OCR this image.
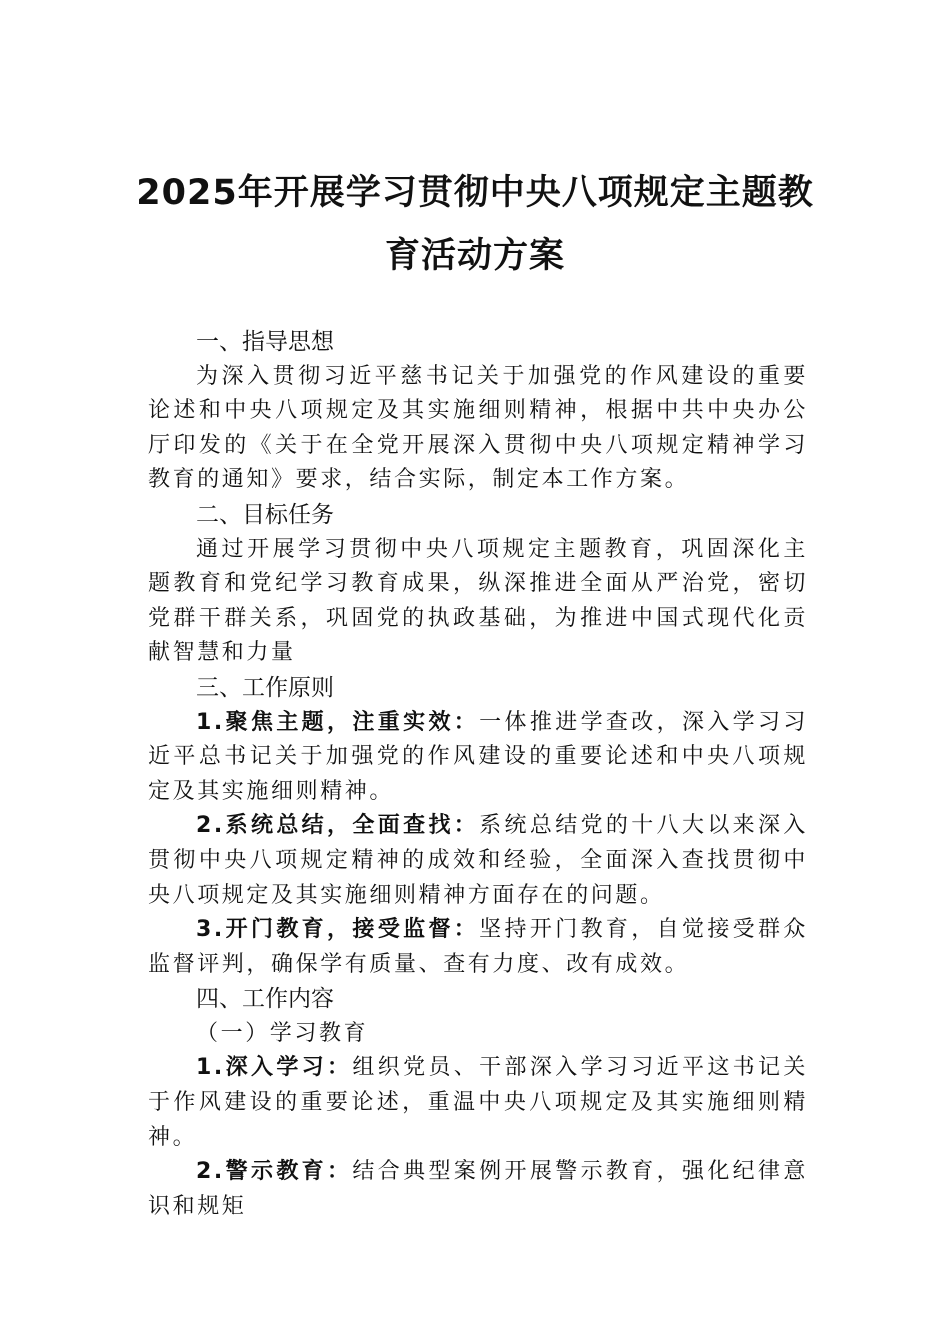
2025年开展学习贯彻中央八项规定主题教
育活动方案

一、指导思想

为深入贯彻习近平慈书记关于加强党的作风建设的重要论述和中央八项规定及其实施细则精神，根据中共中央办公厅印发的《关于在全党开展深入贯彻中央八项规定精神学习教育的通知》要求，结合实际，制定本工作方案。

二、目标任务

通过开展学习贯彻中央八项规定主题教育，巩固深化主题教育和党纪学习教育成果，纵深推进全面从严治党，密切党群干群关系，巩固党的执政基础，为推进中国式现代化贡献智慧和力量

三、工作原则

1.聚焦主题，注重实效：一体推进学查改，深入学习习近平总书记关于加强党的作风建设的重要论述和中央八项规定及其实施细则精神。

2.系统总结，全面查找：系统总结党的十八大以来深入贯彻中央八项规定精神的成效和经验，全面深入查找贯彻中央八项规定及其实施细则精神方面存在的问题。

3.开门教育，接受监督：坚持开门教育，自觉接受群众监督评判，确保学有质量、查有力度、改有成效。

四、工作内容

（一）学习教育

1.深入学习：组织党员、干部深入学习习近平这书记关于作风建设的重要论述，重温中央八项规定及其实施细则精神。

2.警示教育：结合典型案例开展警示教育，强化纪律意识和规矩
